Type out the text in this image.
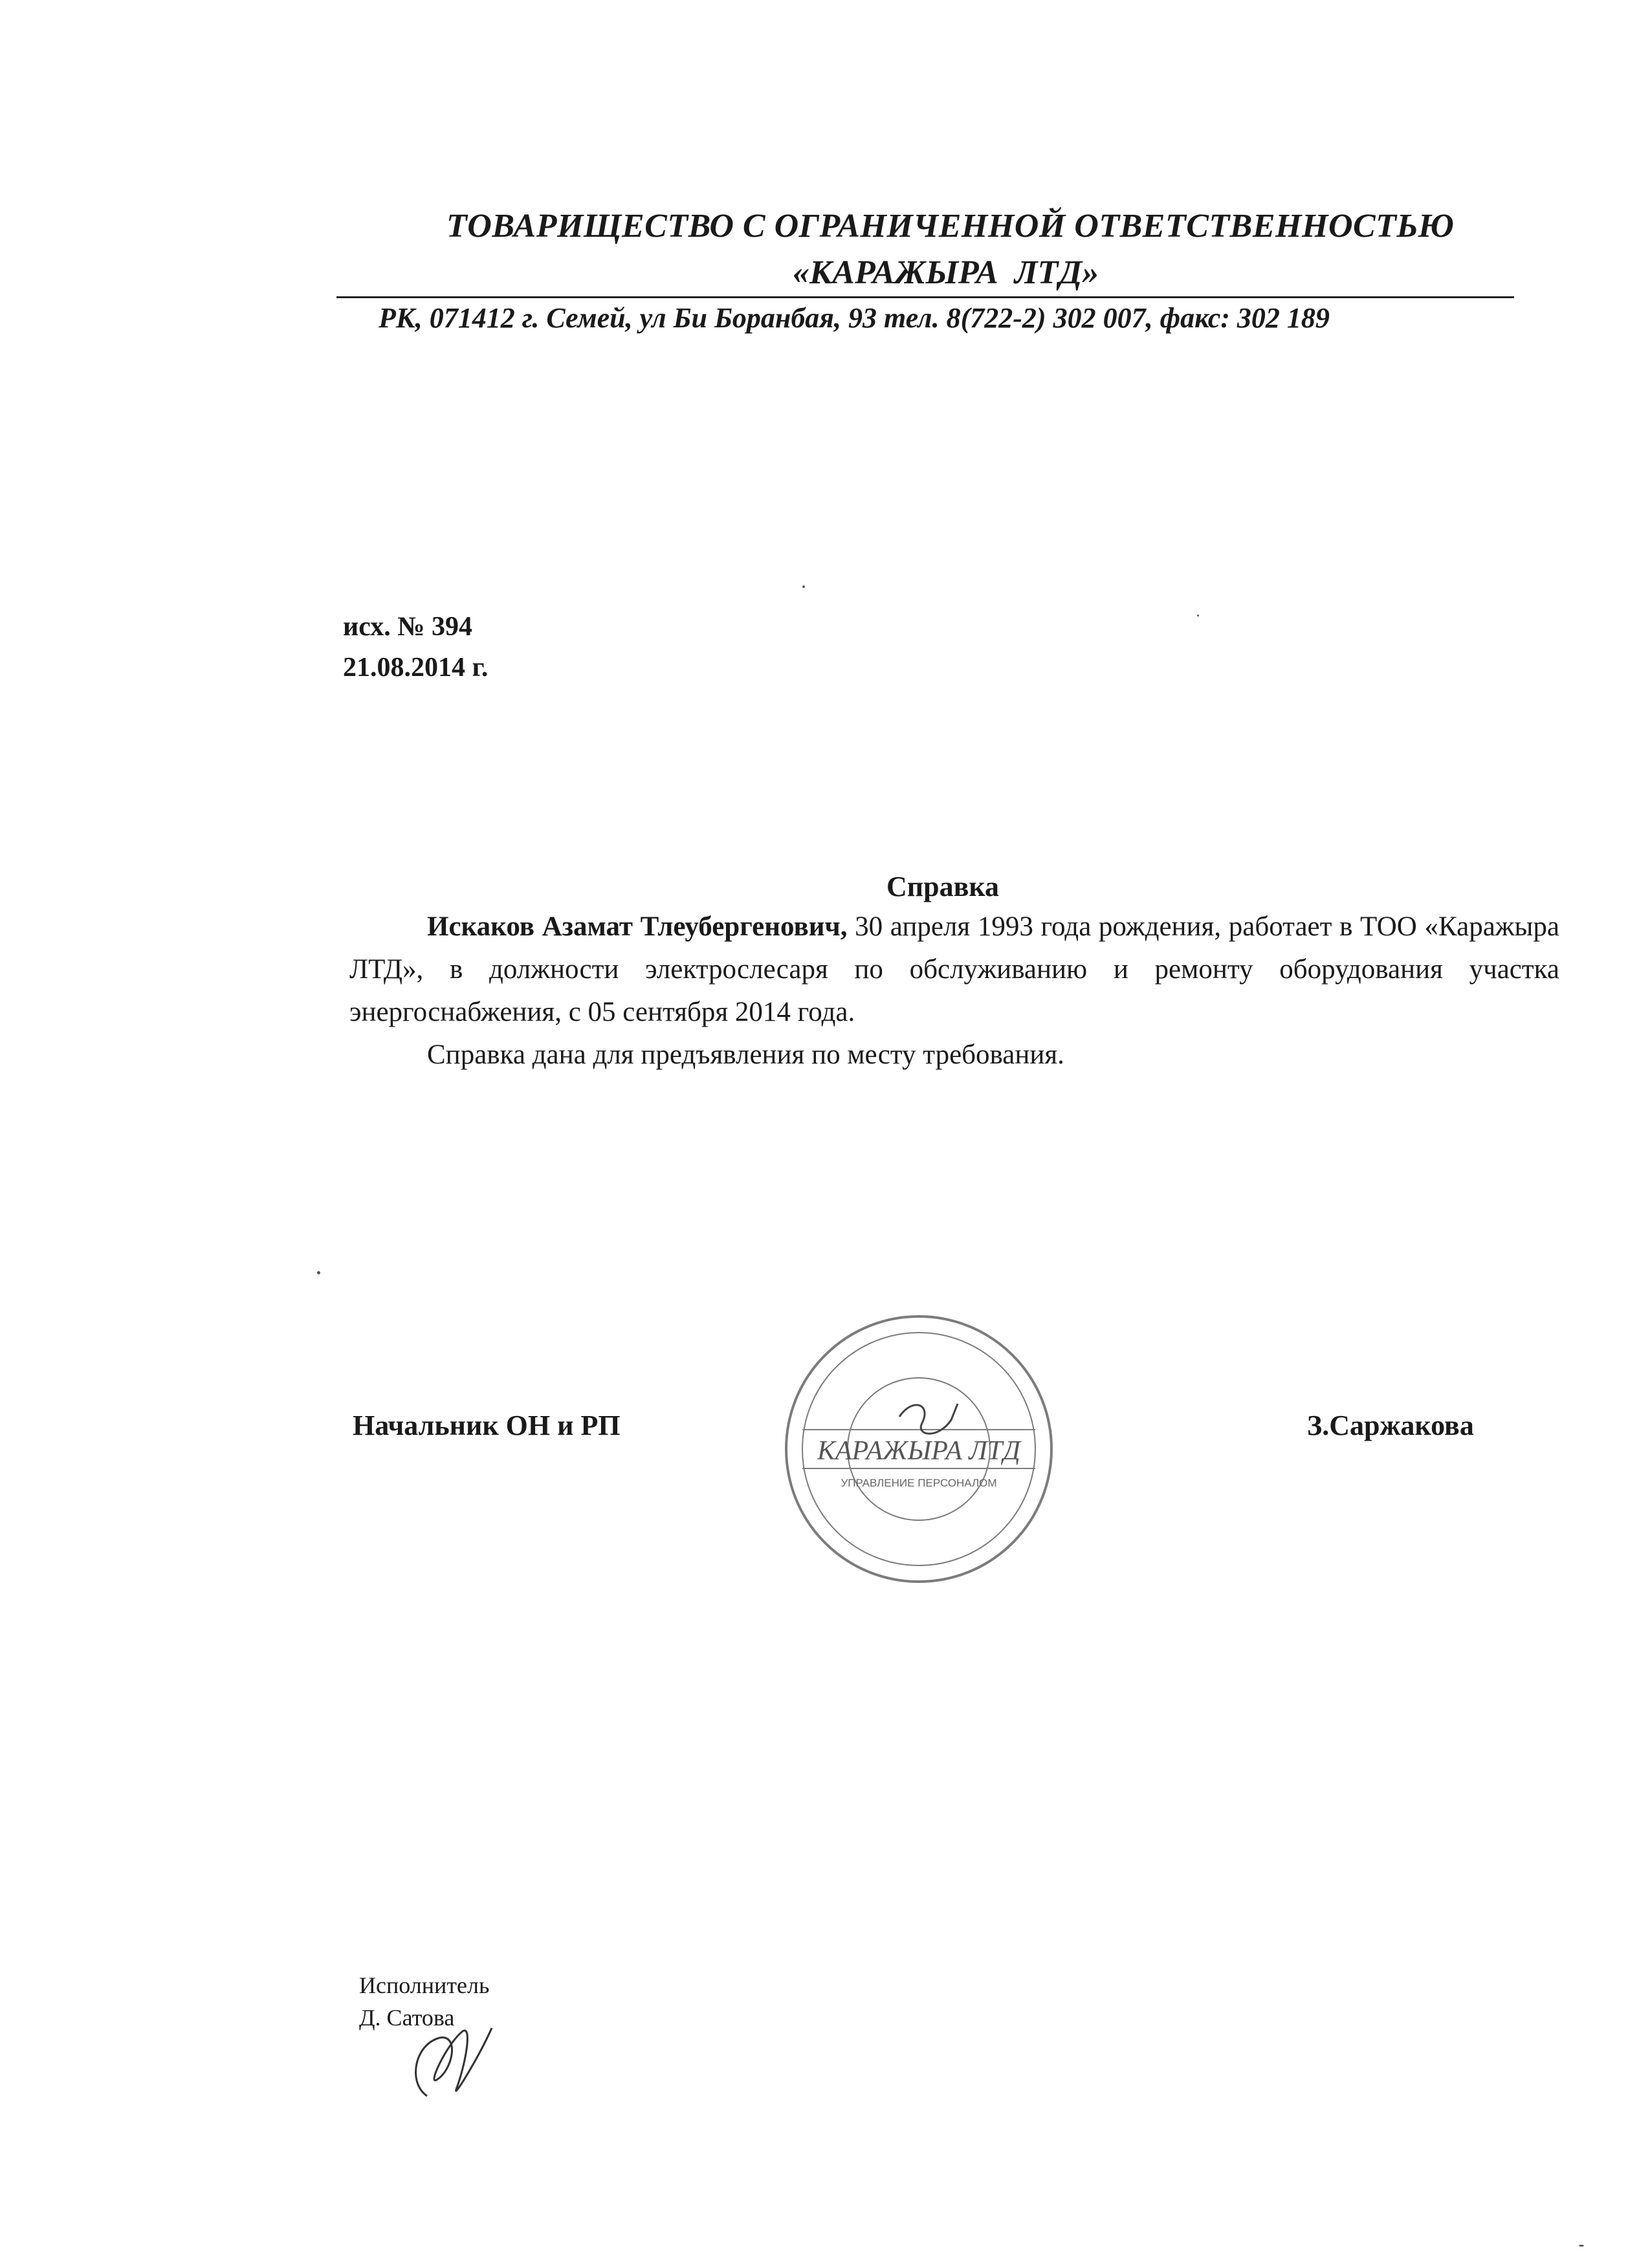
ТОВАРИЩЕСТВО С ОГРАНИЧЕННОЙ ОТВЕТСТВЕННОСТЬЮ
«КАРАЖЫРА ЛТД»
РК, 071412 г. Семей, ул Би Боранбая, 93 тел. 8(722-2) 302 007, факс: 302 189
исх. № 394
21.08.2014 г.
Справка

Искаков Азамат Тлеубергенович, 30 апреля 1993 года рождения, работает в ТОО «Каражыра ЛТД», в должности электрослесаря по обслуживанию и ремонту оборудования участка энергоснабжения, с 05 сентября 2014 года.

Справка дана для предъявления по месту требования.

Начальник ОН и РП
КАРАЖЫРА ЛТД
УПРАВЛЕНИЕ ПЕРСОНАЛОМ
З.Саржакова
Исполнитель
Д. Сатова
